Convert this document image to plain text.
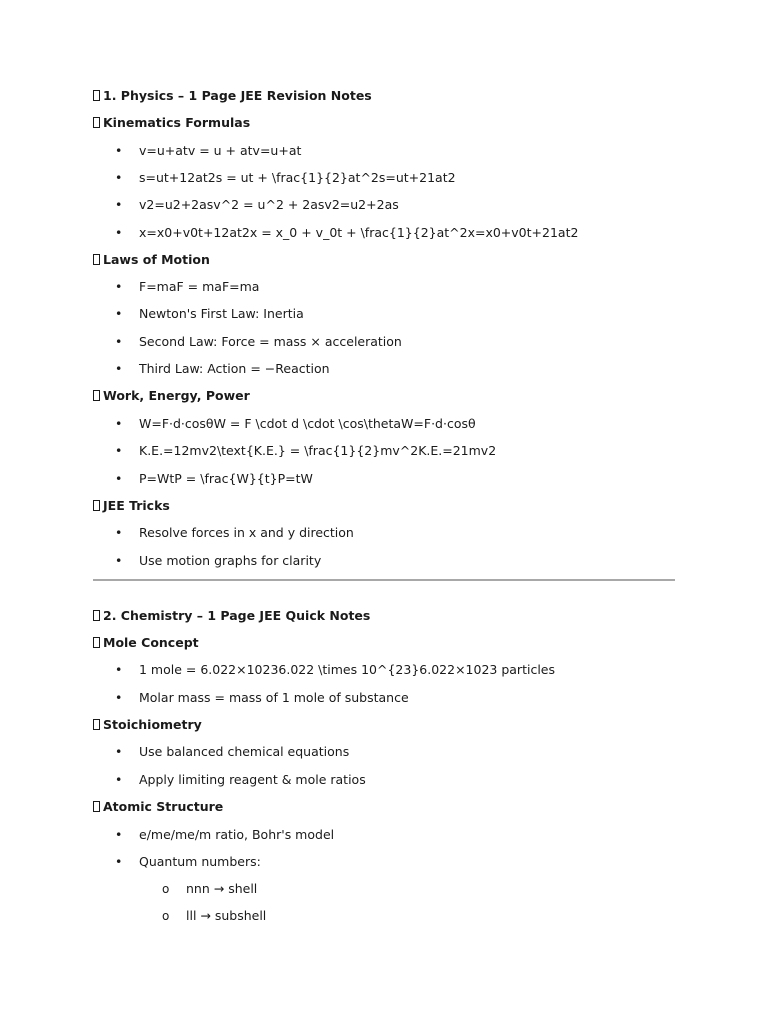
1. Physics – 1 Page JEE Revision Notes
Kinematics Formulas
• v=u+atv = u + atv=u+at
• s=ut+12at2s = ut + \frac{1}{2}at^2s=ut+21at2
• v2=u2+2asv^2 = u^2 + 2asv2=u2+2as
• x=x0+v0t+12at2x = x_0 + v_0t + \frac{1}{2}at^2x=x0+v0t+21at2
Laws of Motion
• F=maF = maF=ma
• Newton's First Law: Inertia
• Second Law: Force = mass × acceleration
• Third Law: Action = −Reaction
Work, Energy, Power
• W=F·d·cosθW = F \cdot d \cdot \cos\thetaW=F·d·cosθ
• K.E.=12mv2\text{K.E.} = \frac{1}{2}mv^2K.E.=21mv2
• P=WtP = \frac{W}{t}P=tW
JEE Tricks
• Resolve forces in x and y direction
• Use motion graphs for clarity
2. Chemistry – 1 Page JEE Quick Notes
Mole Concept
• 1 mole = 6.022×10236.022 \times 10^{23}6.022×1023 particles
• Molar mass = mass of 1 mole of substance
Stoichiometry
• Use balanced chemical equations
• Apply limiting reagent & mole ratios
Atomic Structure
• e/me/me/m ratio, Bohr's model
• Quantum numbers:
o nnn → shell
o lll → subshell
